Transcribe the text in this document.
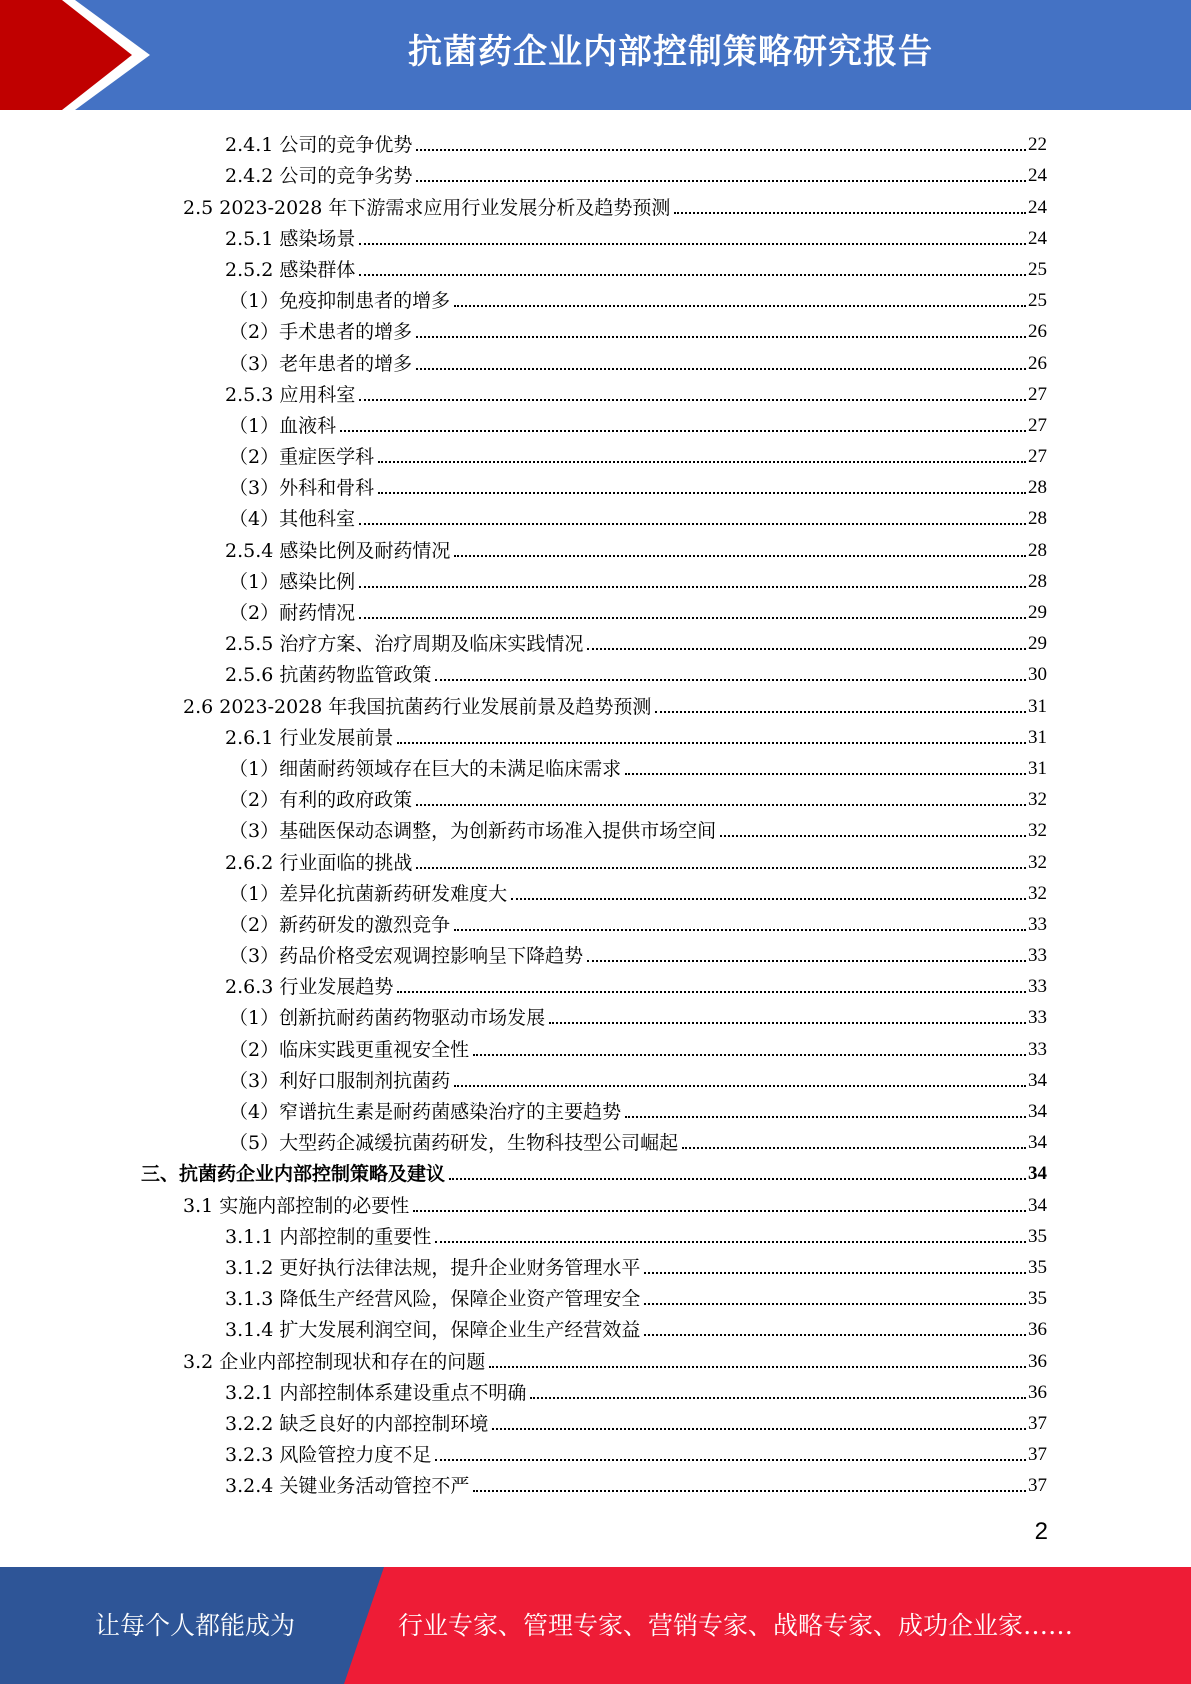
抗菌药企业内部控制策略研究报告
2.4.1 公司的竞争优势	22
2.4.2 公司的竞争劣势	24
2.5 2023-2028 年下游需求应用行业发展分析及趋势预测	24
2.5.1 感染场景	24
2.5.2 感染群体	25
（1）免疫抑制患者的增多	25
（2）手术患者的增多	26
（3）老年患者的增多	26
2.5.3 应用科室	27
（1）血液科	27
（2）重症医学科	27
（3）外科和骨科	28
（4）其他科室	28
2.5.4 感染比例及耐药情况	28
（1）感染比例	28
（2）耐药情况	29
2.5.5 治疗方案、治疗周期及临床实践情况	29
2.5.6 抗菌药物监管政策	30
2.6 2023-2028 年我国抗菌药行业发展前景及趋势预测	31
2.6.1 行业发展前景	31
（1）细菌耐药领域存在巨大的未满足临床需求	31
（2）有利的政府政策	32
（3）基础医保动态调整，为创新药市场准入提供市场空间	32
2.6.2 行业面临的挑战	32
（1）差异化抗菌新药研发难度大	32
（2）新药研发的激烈竞争	33
（3）药品价格受宏观调控影响呈下降趋势	33
2.6.3 行业发展趋势	33
（1）创新抗耐药菌药物驱动市场发展	33
（2）临床实践更重视安全性	33
（3）利好口服制剂抗菌药	34
（4）窄谱抗生素是耐药菌感染治疗的主要趋势	34
（5）大型药企减缓抗菌药研发，生物科技型公司崛起	34
三、抗菌药企业内部控制策略及建议	34
3.1 实施内部控制的必要性	34
3.1.1 内部控制的重要性	35
3.1.2 更好执行法律法规，提升企业财务管理水平	35
3.1.3 降低生产经营风险，保障企业资产管理安全	35
3.1.4 扩大发展利润空间，保障企业生产经营效益	36
3.2 企业内部控制现状和存在的问题	36
3.2.1 内部控制体系建设重点不明确	36
3.2.2 缺乏良好的内部控制环境	37
3.2.3 风险管控力度不足	37
3.2.4 关键业务活动管控不严	37
2
让每个人都能成为	行业专家、管理专家、营销专家、战略专家、成功企业家……
